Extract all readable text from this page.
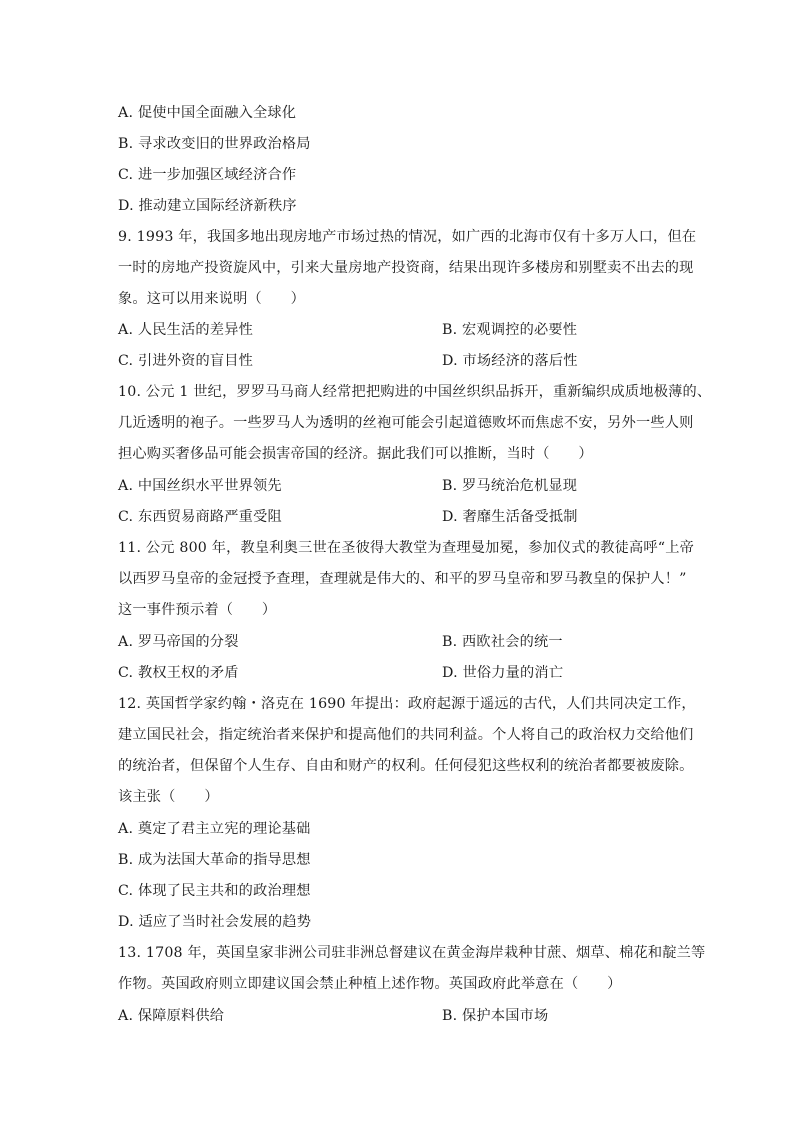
A. 促使中国全面融入全球化
B. 寻求改变旧的世界政治格局
C. 进一步加强区域经济合作
D. 推动建立国际经济新秩序
9. 1993 年，我国多地出现房地产市场过热的情况，如广西的北海市仅有十多万人口，但在
一时的房地产投资旋风中，引来大量房地产投资商，结果出现许多楼房和别墅卖不出去的现
象。这可以用来说明（　　）
A. 人民生活的差异性	B. 宏观调控的必要性
C. 引进外资的盲目性	D. 市场经济的落后性
10. 公元 1 世纪，罗罗马马商人经常把把购进的中国丝织织品拆开，重新编织成质地极薄的、
几近透明的袍子。一些罗马人为透明的丝袍可能会引起道德败坏而焦虑不安，另外一些人则
担心购买奢侈品可能会损害帝国的经济。据此我们可以推断，当时（　　）
A. 中国丝织水平世界领先	B. 罗马统治危机显现
C. 东西贸易商路严重受阻	D. 奢靡生活备受抵制
11. 公元 800 年，教皇利奥三世在圣彼得大教堂为查理曼加冕，参加仪式的教徒高呼“上帝
以西罗马皇帝的金冠授予查理，查理就是伟大的、和平的罗马皇帝和罗马教皇的保护人！”
这一事件预示着（　　）
A. 罗马帝国的分裂	B. 西欧社会的统一
C. 教权王权的矛盾	D. 世俗力量的消亡
12. 英国哲学家约翰・洛克在 1690 年提出：政府起源于遥远的古代，人们共同决定工作，
建立国民社会，指定统治者来保护和提高他们的共同利益。个人将自己的政治权力交给他们
的统治者，但保留个人生存、自由和财产的权利。任何侵犯这些权利的统治者都要被废除。
该主张（　　）
A. 奠定了君主立宪的理论基础
B. 成为法国大革命的指导思想
C. 体现了民主共和的政治理想
D. 适应了当时社会发展的趋势
13. 1708 年，英国皇家非洲公司驻非洲总督建议在黄金海岸栽种甘蔗、烟草、棉花和靛兰等
作物。英国政府则立即建议国会禁止种植上述作物。英国政府此举意在（　　）
A. 保障原料供给	B. 保护本国市场
